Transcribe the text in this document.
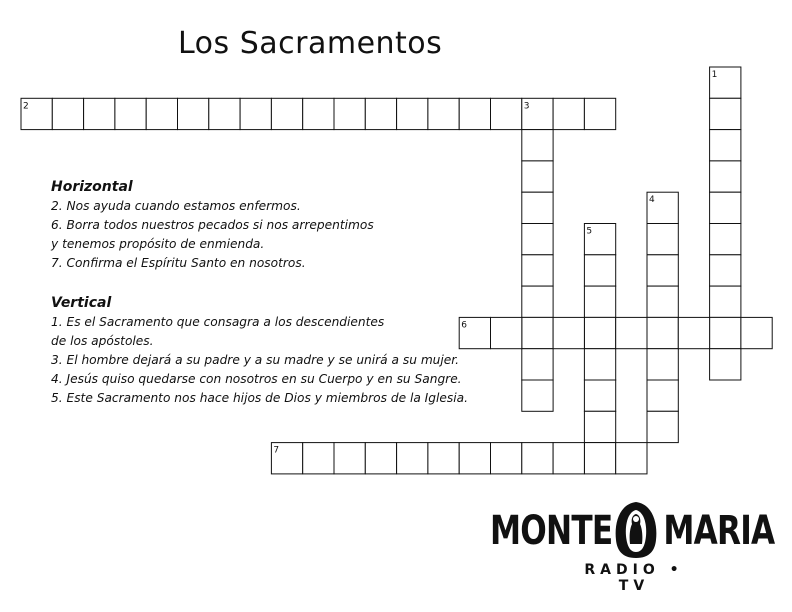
Los Sacramentos
1
2	3
4
5
6
7
Horizontal
2. Nos ayuda cuando estamos enfermos.
6. Borra todos nuestros pecados si nos arrepentimos
y tenemos propósito de enmienda.
7. Confirma el Espíritu Santo en nosotros.
Vertical
1. Es el Sacramento que consagra a los descendientes
de los apóstoles.
3. El hombre dejará a su padre y a su madre y se unirá a su mujer.
4. Jesús quiso quedarse con nosotros en su Cuerpo y en su Sangre.
5. Este Sacramento nos hace hijos de Dios y miembros de la Iglesia.
MONTE MARIA
RADIO • TV
